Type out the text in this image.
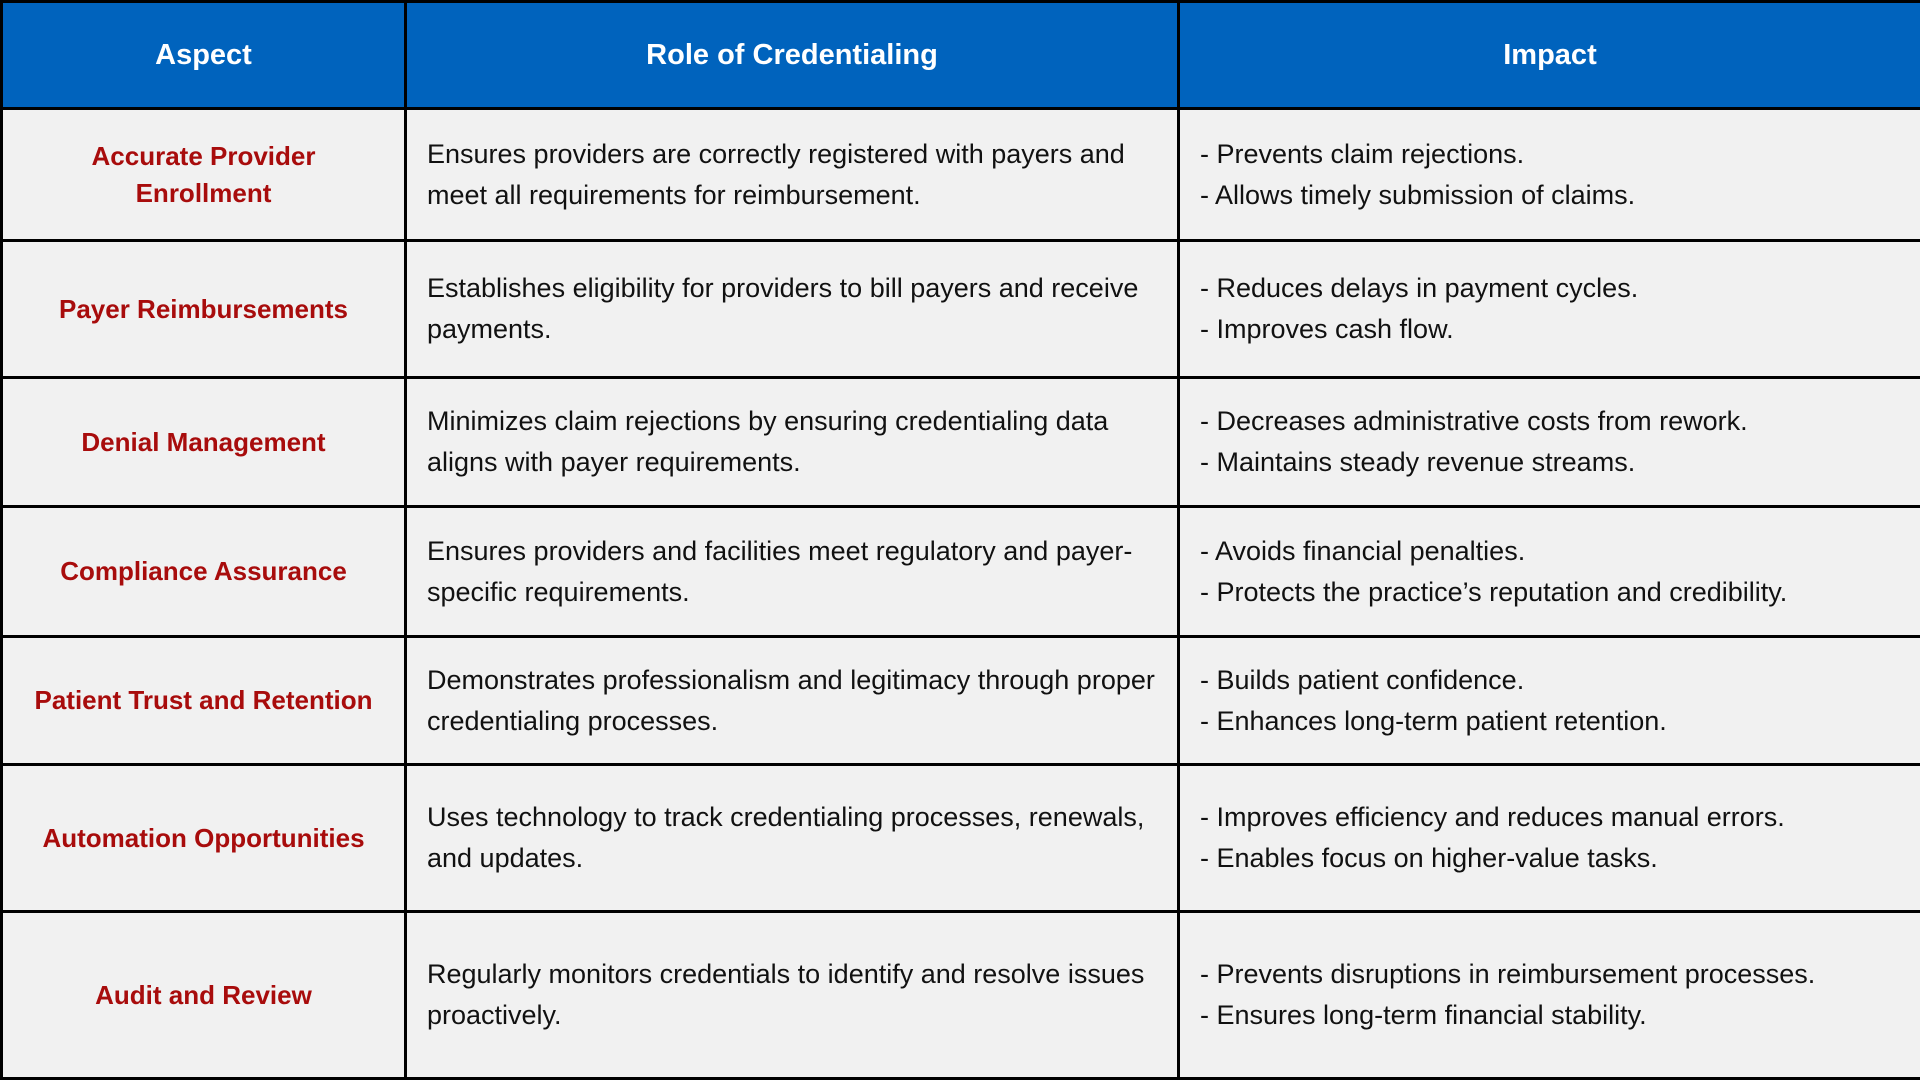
Aspect	Role of Credentialing	Impact
Accurate Provider Enrollment	Ensures providers are correctly registered with payers and meet all requirements for reimbursement.	- Prevents claim rejections.
- Allows timely submission of claims.

Payer Reimbursements	Establishes eligibility for providers to bill payers and receive payments.	- Reduces delays in payment cycles.
- Improves cash flow.

Denial Management	Minimizes claim rejections by ensuring credentialing data aligns with payer requirements.	- Decreases administrative costs from rework.
- Maintains steady revenue streams.

Compliance Assurance	Ensures providers and facilities meet regulatory and payer-specific requirements.	- Avoids financial penalties.
- Protects the practice’s reputation and credibility.

Patient Trust and Retention	Demonstrates professionalism and legitimacy through proper credentialing processes.	- Builds patient confidence.
- Enhances long-term patient retention.

Automation Opportunities	Uses technology to track credentialing processes, renewals, and updates.	- Improves efficiency and reduces manual errors.
- Enables focus on higher-value tasks.

Audit and Review	Regularly monitors credentials to identify and resolve issues proactively.	- Prevents disruptions in reimbursement processes.
- Ensures long-term financial stability.
